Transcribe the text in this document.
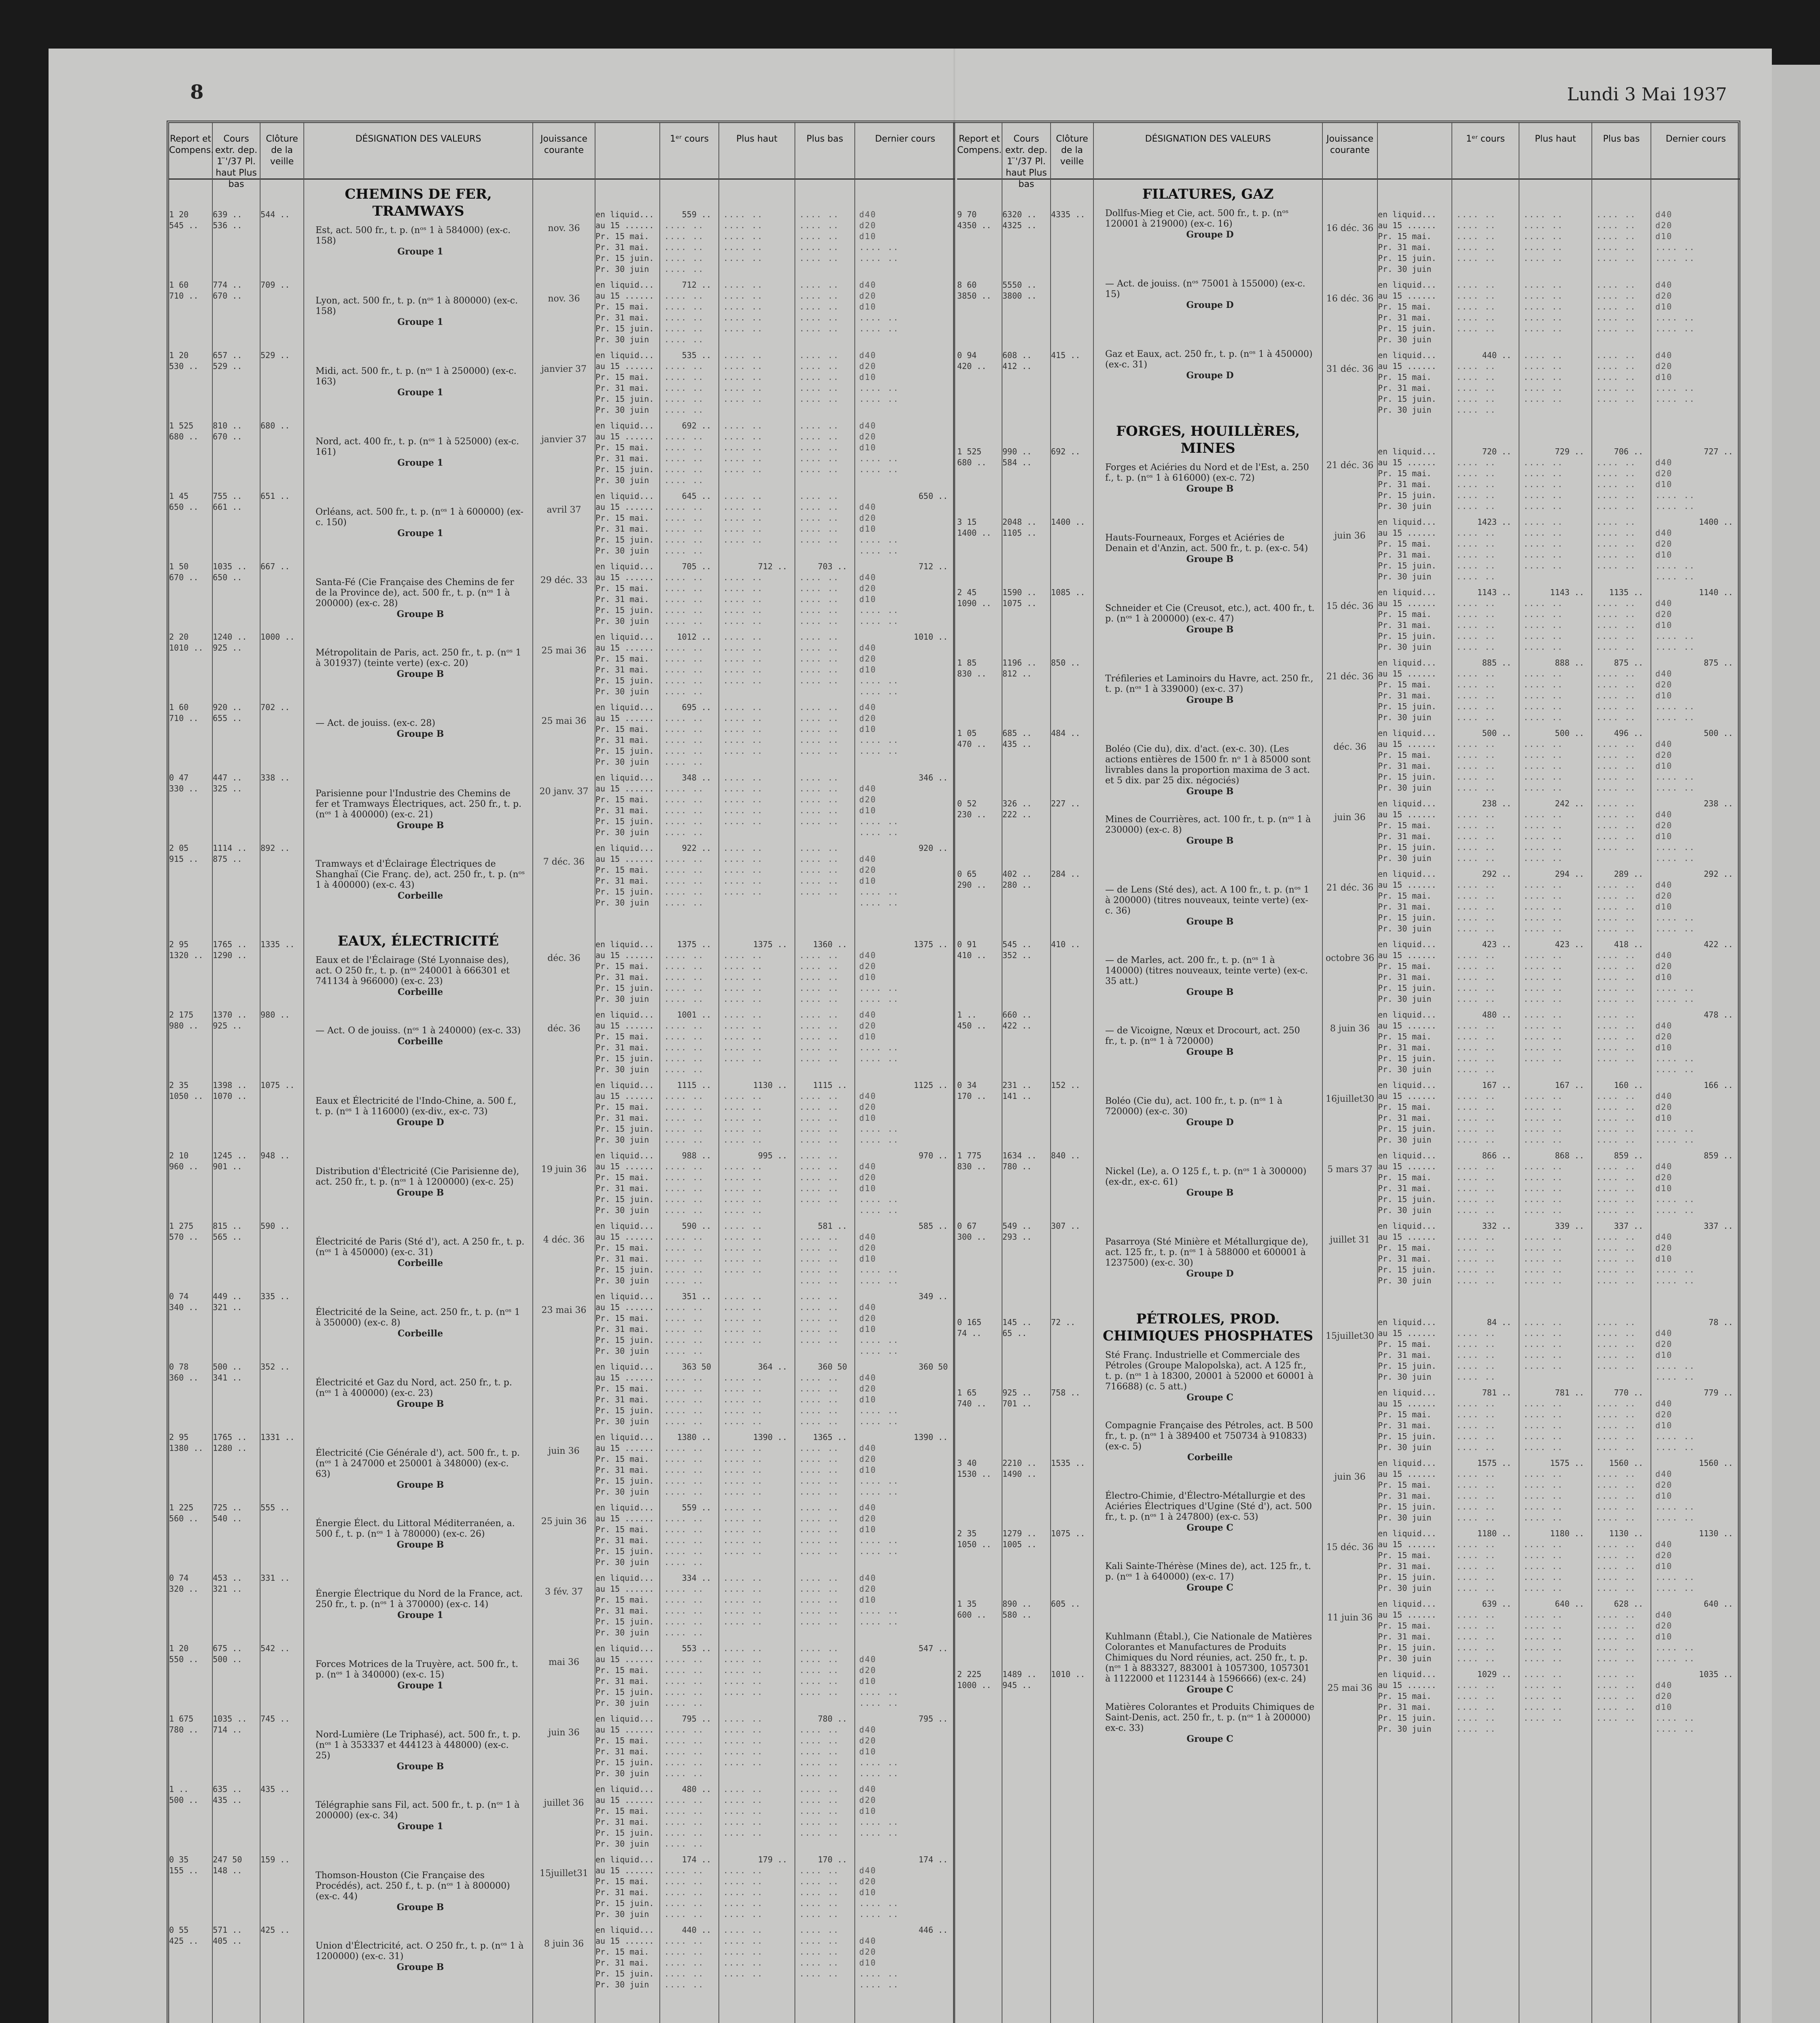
8	Lundi 3 Mai 1937
Report et Compens.
1 20
545 ..
1 60
710 ..
1 20
530 ..
1 525
680 ..
1 45
650 ..
1 50
670 ..
2 20
1010 ..
1 60
710 ..
0 47
330 ..
2 05
915 ..
2 95
1320 ..
2 175
980 ..
2 35
1050 ..
2 10
960 ..
1 275
570 ..
0 74
340 ..
0 78
360 ..
2 95
1380 ..
1 225
560 ..
0 74
320 ..
1 20
550 ..
1 675
780 ..
1 ..
500 ..
0 35
155 ..
0 55
425 ..
Cours extr. dep. 1 ̈'/37 Pl. haut Plus bas
639 ..
536 ..
774 ..
670 ..
657 ..
529 ..
810 ..
670 ..
755 ..
661 ..
1035 ..
650 ..
1240 ..
925 ..
920 ..
655 ..
447 ..
325 ..
1114 ..
875 ..
1765 ..
1290 ..
1370 ..
925 ..
1398 ..
1070 ..
1245 ..
901 ..
815 ..
565 ..
449 ..
321 ..
500 ..
341 ..
1765 ..
1280 ..
725 ..
540 ..
453 ..
321 ..
675 ..
500 ..
1035 ..
714 ..
635 ..
435 ..
247 50
148 ..
571 ..
405 ..
Clôture de la veille
544 ..
709 ..
529 ..
680 ..
651 ..
667 ..
1000 ..
702 ..
338 ..
892 ..
1335 ..
980 ..
1075 ..
948 ..
590 ..
335 ..
352 ..
1331 ..
555 ..
331 ..
542 ..
745 ..
435 ..
159 ..
425 ..
DÉSIGNATION DES VALEURS
CHEMINS DE FER, TRAMWAYS
Est, act. 500 fr., t. p. (nᵒˢ 1 à 584000) (ex-c. 158)
Groupe 1
Lyon, act. 500 fr., t. p. (nᵒˢ 1 à 800000) (ex-c. 158)
Groupe 1
Midi, act. 500 fr., t. p. (nᵒˢ 1 à 250000) (ex-c. 163)
Groupe 1
Nord, act. 400 fr., t. p. (nᵒˢ 1 à 525000) (ex-c. 161)
Groupe 1
Orléans, act. 500 fr., t. p. (nᵒˢ 1 à 600000) (ex-c. 150)
Groupe 1
Santa-Fé (Cie Française des Chemins de fer de la Province de), act. 500 fr., t. p. (nᵒˢ 1 à 200000) (ex-c. 28)
Groupe B
Métropolitain de Paris, act. 250 fr., t. p. (nᵒˢ 1 à 301937) (teinte verte) (ex-c. 20)
Groupe B
— Act. de jouiss. (ex-c. 28)
Groupe B
Parisienne pour l'Industrie des Chemins de fer et Tramways Électriques, act. 250 fr., t. p. (nᵒˢ 1 à 400000) (ex-c. 21)
Groupe B
Tramways et d'Éclairage Électriques de Shanghaï (Cie Franç. de), act. 250 fr., t. p. (nᵒˢ 1 à 400000) (ex-c. 43)
Corbeille
EAUX, ÉLECTRICITÉ
Eaux et de l'Éclairage (Sté Lyonnaise des), act. O 250 fr., t. p. (nᵒˢ 240001 à 666301 et 741134 à 966000) (ex-c. 23)
Corbeille
— Act. O de jouiss. (nᵒˢ 1 à 240000) (ex-c. 33)
Corbeille
Eaux et Électricité de l'Indo-Chine, a. 500 f., t. p. (nᵒˢ 1 à 116000) (ex-div., ex-c. 73)
Groupe D
Distribution d'Électricité (Cie Parisienne de), act. 250 fr., t. p. (nᵒˢ 1 à 1200000) (ex-c. 25)
Groupe B
Électricité de Paris (Sté d'), act. A 250 fr., t. p. (nᵒˢ 1 à 450000) (ex-c. 31)
Corbeille
Électricité de la Seine, act. 250 fr., t. p. (nᵒˢ 1 à 350000) (ex-c. 8)
Corbeille
Électricité et Gaz du Nord, act. 250 fr., t. p. (nᵒˢ 1 à 400000) (ex-c. 23)
Groupe B
Électricité (Cie Générale d'), act. 500 fr., t. p. (nᵒˢ 1 à 247000 et 250001 à 348000) (ex-c. 63)
Groupe B
Énergie Élect. du Littoral Méditerranéen, a. 500 f., t. p. (nᵒˢ 1 à 780000) (ex-c. 26)
Groupe B
Énergie Électrique du Nord de la France, act. 250 fr., t. p. (nᵒˢ 1 à 370000) (ex-c. 14)
Groupe 1
Forces Motrices de la Truyère, act. 500 fr., t. p. (nᵒˢ 1 à 340000) (ex-c. 15)
Groupe 1
Nord-Lumière (Le Triphasé), act. 500 fr., t. p. (nᵒˢ 1 à 353337 et 444123 à 448000) (ex-c. 25)
Groupe B
Télégraphie sans Fil, act. 500 fr., t. p. (nᵒˢ 1 à 200000) (ex-c. 34)
Groupe 1
Thomson-Houston (Cie Française des Procédés), act. 250 f., t. p. (nᵒˢ 1 à 800000) (ex-c. 44)
Groupe B
Union d'Électricité, act. O 250 fr., t. p. (nᵒˢ 1 à 1200000) (ex-c. 31)
Groupe B
Jouissance courante
nov. 36
nov. 36
janvier 37
janvier 37
avril 37
29 déc. 33
25 mai 36
25 mai 36
20 janv. 37
7 déc. 36
déc. 36
déc. 36
19 juin 36
4 déc. 36
23 mai 36
juin 36
25 juin 36
3 fév. 37
mai 36
juin 36
juillet 36
15juillet31
8 juin 36
en liquid...
au 15 ......
Pr. 15 mai.
Pr. 31 mai.
Pr. 15 juin.
Pr. 30 juin
en liquid...
au 15 ......
Pr. 15 mai.
Pr. 31 mai.
Pr. 15 juin.
Pr. 30 juin
en liquid...
au 15 ......
Pr. 15 mai.
Pr. 31 mai.
Pr. 15 juin.
Pr. 30 juin
en liquid...
au 15 ......
Pr. 15 mai.
Pr. 31 mai.
Pr. 15 juin.
Pr. 30 juin
en liquid...
au 15 ......
Pr. 15 mai.
Pr. 31 mai.
Pr. 15 juin.
Pr. 30 juin
en liquid...
au 15 ......
Pr. 15 mai.
Pr. 31 mai.
Pr. 15 juin.
Pr. 30 juin
en liquid...
au 15 ......
Pr. 15 mai.
Pr. 31 mai.
Pr. 15 juin.
Pr. 30 juin
en liquid...
au 15 ......
Pr. 15 mai.
Pr. 31 mai.
Pr. 15 juin.
Pr. 30 juin
en liquid...
au 15 ......
Pr. 15 mai.
Pr. 31 mai.
Pr. 15 juin.
Pr. 30 juin
en liquid...
au 15 ......
Pr. 15 mai.
Pr. 31 mai.
Pr. 15 juin.
Pr. 30 juin
en liquid...
au 15 ......
Pr. 15 mai.
Pr. 31 mai.
Pr. 15 juin.
Pr. 30 juin
en liquid...
au 15 ......
Pr. 15 mai.
Pr. 31 mai.
Pr. 15 juin.
Pr. 30 juin
en liquid...
au 15 ......
Pr. 15 mai.
Pr. 31 mai.
Pr. 15 juin.
Pr. 30 juin
en liquid...
au 15 ......
Pr. 15 mai.
Pr. 31 mai.
Pr. 15 juin.
Pr. 30 juin
en liquid...
au 15 ......
Pr. 15 mai.
Pr. 31 mai.
Pr. 15 juin.
Pr. 30 juin
en liquid...
au 15 ......
Pr. 15 mai.
Pr. 31 mai.
Pr. 15 juin.
Pr. 30 juin
en liquid...
au 15 ......
Pr. 15 mai.
Pr. 31 mai.
Pr. 15 juin.
Pr. 30 juin
en liquid...
au 15 ......
Pr. 15 mai.
Pr. 31 mai.
Pr. 15 juin.
Pr. 30 juin
en liquid...
au 15 ......
Pr. 15 mai.
Pr. 31 mai.
Pr. 15 juin.
Pr. 30 juin
en liquid...
au 15 ......
Pr. 15 mai.
Pr. 31 mai.
Pr. 15 juin.
Pr. 30 juin
en liquid...
au 15 ......
Pr. 15 mai.
Pr. 31 mai.
Pr. 15 juin.
Pr. 30 juin
en liquid...
au 15 ......
Pr. 15 mai.
Pr. 31 mai.
Pr. 15 juin.
Pr. 30 juin
en liquid...
au 15 ......
Pr. 15 mai.
Pr. 31 mai.
Pr. 15 juin.
Pr. 30 juin
en liquid...
au 15 ......
Pr. 15 mai.
Pr. 31 mai.
Pr. 15 juin.
Pr. 30 juin
en liquid...
au 15 ......
Pr. 15 mai.
Pr. 31 mai.
Pr. 15 juin.
Pr. 30 juin
1ᵉʳ cours
559 ..
.... ..
.... ..
.... ..
.... ..
.... ..
712 ..
.... ..
.... ..
.... ..
.... ..
.... ..
535 ..
.... ..
.... ..
.... ..
.... ..
.... ..
692 ..
.... ..
.... ..
.... ..
.... ..
.... ..
645 ..
.... ..
.... ..
.... ..
.... ..
.... ..
705 ..
.... ..
.... ..
.... ..
.... ..
.... ..
1012 ..
.... ..
.... ..
.... ..
.... ..
.... ..
695 ..
.... ..
.... ..
.... ..
.... ..
.... ..
348 ..
.... ..
.... ..
.... ..
.... ..
.... ..
922 ..
.... ..
.... ..
.... ..
.... ..
.... ..
1375 ..
.... ..
.... ..
.... ..
.... ..
.... ..
1001 ..
.... ..
.... ..
.... ..
.... ..
.... ..
1115 ..
.... ..
.... ..
.... ..
.... ..
.... ..
988 ..
.... ..
.... ..
.... ..
.... ..
.... ..
590 ..
.... ..
.... ..
.... ..
.... ..
.... ..
351 ..
.... ..
.... ..
.... ..
.... ..
.... ..
363 50
.... ..
.... ..
.... ..
.... ..
.... ..
1380 ..
.... ..
.... ..
.... ..
.... ..
.... ..
559 ..
.... ..
.... ..
.... ..
.... ..
.... ..
334 ..
.... ..
.... ..
.... ..
.... ..
.... ..
553 ..
.... ..
.... ..
.... ..
.... ..
.... ..
795 ..
.... ..
.... ..
.... ..
.... ..
.... ..
480 ..
.... ..
.... ..
.... ..
.... ..
.... ..
174 ..
.... ..
.... ..
.... ..
.... ..
.... ..
440 ..
.... ..
.... ..
.... ..
.... ..
.... ..
Plus haut
.... ..
.... ..
.... ..
.... ..
.... ..
.... ..
.... ..
.... ..
.... ..
.... ..
.... ..
.... ..
.... ..
.... ..
.... ..
.... ..
.... ..
.... ..
.... ..
.... ..
.... ..
.... ..
.... ..
.... ..
.... ..
712 ..
.... ..
.... ..
.... ..
.... ..
.... ..
.... ..
.... ..
.... ..
.... ..
.... ..
.... ..
.... ..
.... ..
.... ..
.... ..
.... ..
.... ..
.... ..
.... ..
.... ..
.... ..
.... ..
.... ..
.... ..
.... ..
1375 ..
.... ..
.... ..
.... ..
.... ..
.... ..
.... ..
.... ..
.... ..
.... ..
.... ..
1130 ..
.... ..
.... ..
.... ..
.... ..
.... ..
995 ..
.... ..
.... ..
.... ..
.... ..
.... ..
.... ..
.... ..
.... ..
.... ..
.... ..
.... ..
.... ..
.... ..
.... ..
.... ..
364 ..
.... ..
.... ..
.... ..
.... ..
.... ..
1390 ..
.... ..
.... ..
.... ..
.... ..
.... ..
.... ..
.... ..
.... ..
.... ..
.... ..
.... ..
.... ..
.... ..
.... ..
.... ..
.... ..
.... ..
.... ..
.... ..
.... ..
.... ..
.... ..
.... ..
.... ..
.... ..
.... ..
.... ..
.... ..
.... ..
.... ..
179 ..
.... ..
.... ..
.... ..
.... ..
.... ..
.... ..
.... ..
.... ..
.... ..
.... ..
Plus bas
.... ..
.... ..
.... ..
.... ..
.... ..
.... ..
.... ..
.... ..
.... ..
.... ..
.... ..
.... ..
.... ..
.... ..
.... ..
.... ..
.... ..
.... ..
.... ..
.... ..
.... ..
.... ..
.... ..
.... ..
.... ..
703 ..
.... ..
.... ..
.... ..
.... ..
.... ..
.... ..
.... ..
.... ..
.... ..
.... ..
.... ..
.... ..
.... ..
.... ..
.... ..
.... ..
.... ..
.... ..
.... ..
.... ..
.... ..
.... ..
.... ..
.... ..
.... ..
1360 ..
.... ..
.... ..
.... ..
.... ..
.... ..
.... ..
.... ..
.... ..
.... ..
.... ..
1115 ..
.... ..
.... ..
.... ..
.... ..
.... ..
.... ..
.... ..
.... ..
.... ..
.... ..
581 ..
.... ..
.... ..
.... ..
.... ..
.... ..
.... ..
.... ..
.... ..
.... ..
.... ..
360 50
.... ..
.... ..
.... ..
.... ..
.... ..
1365 ..
.... ..
.... ..
.... ..
.... ..
.... ..
.... ..
.... ..
.... ..
.... ..
.... ..
.... ..
.... ..
.... ..
.... ..
.... ..
.... ..
.... ..
.... ..
.... ..
.... ..
780 ..
.... ..
.... ..
.... ..
.... ..
.... ..
.... ..
.... ..
.... ..
.... ..
.... ..
170 ..
.... ..
.... ..
.... ..
.... ..
.... ..
.... ..
.... ..
.... ..
.... ..
.... ..
Dernier cours
d40
d20
d10
.... ..
.... ..
d40
d20
d10
.... ..
.... ..
d40
d20
d10
.... ..
.... ..
d40
d20
d10
.... ..
.... ..
650 ..
d40
d20
d10
.... ..
.... ..
712 ..
d40
d20
d10
.... ..
.... ..
1010 ..
d40
d20
d10
.... ..
.... ..
d40
d20
d10
.... ..
.... ..
346 ..
d40
d20
d10
.... ..
.... ..
920 ..
d40
d20
d10
.... ..
.... ..
1375 ..
d40
d20
d10
.... ..
.... ..
d40
d20
d10
.... ..
.... ..
1125 ..
d40
d20
d10
.... ..
.... ..
970 ..
d40
d20
d10
.... ..
.... ..
585 ..
d40
d20
d10
.... ..
.... ..
349 ..
d40
d20
d10
.... ..
.... ..
360 50
d40
d20
d10
.... ..
.... ..
1390 ..
d40
d20
d10
.... ..
.... ..
d40
d20
d10
.... ..
.... ..
d40
d20
d10
.... ..
.... ..
547 ..
d40
d20
d10
.... ..
.... ..
795 ..
d40
d20
d10
.... ..
.... ..
d40
d20
d10
.... ..
.... ..
174 ..
d40
d20
d10
.... ..
.... ..
446 ..
d40
d20
d10
.... ..
.... ..
Report et Compens.
9 70
4350 ..
8 60
3850 ..
0 94
420 ..
1 525
680 ..
3 15
1400 ..
2 45
1090 ..
1 85
830 ..
1 05
470 ..
0 52
230 ..
0 65
290 ..
0 91
410 ..
1 ..
450 ..
0 34
170 ..
1 775
830 ..
0 67
300 ..
0 165
74 ..
1 65
740 ..
3 40
1530 ..
2 35
1050 ..
1 35
600 ..
2 225
1000 ..
Cours extr. dep. 1 ̈'/37 Pl. haut Plus bas
6320 ..
4325 ..
5550 ..
3800 ..
608 ..
412 ..
990 ..
584 ..
2048 ..
1105 ..
1590 ..
1075 ..
1196 ..
812 ..
685 ..
435 ..
326 ..
222 ..
402 ..
280 ..
545 ..
352 ..
660 ..
422 ..
231 ..
141 ..
1634 ..
780 ..
549 ..
293 ..
145 ..
65 ..
925 ..
701 ..
2210 ..
1490 ..
1279 ..
1005 ..
890 ..
580 ..
1489 ..
945 ..
Clôture de la veille
4335 ..
415 ..
692 ..
1400 ..
1085 ..
850 ..
484 ..
227 ..
284 ..
410 ..
152 ..
840 ..
307 ..
72 ..
758 ..
1535 ..
1075 ..
605 ..
1010 ..
DÉSIGNATION DES VALEURS
FILATURES, GAZ
Dollfus-Mieg et Cie, act. 500 fr., t. p. (nᵒˢ 120001 à 219000) (ex-c. 16)
Groupe D
— Act. de jouiss. (nᵒˢ 75001 à 155000) (ex-c. 15)
Groupe D
Gaz et Eaux, act. 250 fr., t. p. (nᵒˢ 1 à 450000) (ex-c. 31)
Groupe D
FORGES, HOUILLÈRES, MINES
Forges et Aciéries du Nord et de l'Est, a. 250 f., t. p. (nᵒˢ 1 à 616000) (ex-c. 72)
Groupe B
Hauts-Fourneaux, Forges et Aciéries de Denain et d'Anzin, act. 500 fr., t. p. (ex-c. 54)
Groupe B
Schneider et Cie (Creusot, etc.), act. 400 fr., t. p. (nᵒˢ 1 à 200000) (ex-c. 47)
Groupe B
Tréfileries et Laminoirs du Havre, act. 250 fr., t. p. (nᵒˢ 1 à 339000) (ex-c. 37)
Groupe B
Boléo (Cie du), dix. d'act. (ex-c. 30). (Les actions entières de 1500 fr. nᵒ 1 à 85000 sont livrables dans la proportion maxima de 3 act. et 5 dix. par 25 dix. négociés)
Groupe B
Mines de Courrières, act. 100 fr., t. p. (nᵒˢ 1 à 230000) (ex-c. 8)
Groupe B
— de Lens (Sté des), act. A 100 fr., t. p. (nᵒˢ 1 à 200000) (titres nouveaux, teinte verte) (ex-c. 36)
Groupe B
— de Marles, act. 200 fr., t. p. (nᵒˢ 1 à 140000) (titres nouveaux, teinte verte) (ex-c. 35 att.)
Groupe B
— de Vicoigne, Nœux et Drocourt, act. 250 fr., t. p. (nᵒˢ 1 à 720000)
Groupe B
Boléo (Cie du), act. 100 fr., t. p. (nᵒˢ 1 à 720000) (ex-c. 30)
Groupe D
Nickel (Le), a. O 125 f., t. p. (nᵒˢ 1 à 300000) (ex-dr., ex-c. 61)
Groupe B
Pasarroya (Sté Minière et Métallurgique de), act. 125 fr., t. p. (nᵒˢ 1 à 588000 et 600001 à 1237500) (ex-c. 30)
Groupe D
PÉTROLES, PROD. CHIMIQUES PHOSPHATES
Sté Franç. Industrielle et Commerciale des Pétroles (Groupe Malopolska), act. A 125 fr., t. p. (nᵒˢ 1 à 18300, 20001 à 52000 et 60001 à 716688) (c. 5 att.)
Groupe C
Compagnie Française des Pétroles, act. B 500 fr., t. p. (nᵒˢ 1 à 389400 et 750734 à 910833) (ex-c. 5)
Corbeille
Électro-Chimie, d'Électro-Métallurgie et des Aciéries Électriques d'Ugine (Sté d'), act. 500 fr., t. p. (nᵒˢ 1 à 247800) (ex-c. 53)
Groupe C
Kali Sainte-Thérèse (Mines de), act. 125 fr., t. p. (nᵒˢ 1 à 640000) (ex-c. 17)
Groupe C
Kuhlmann (Établ.), Cie Nationale de Matières Colorantes et Manufactures de Produits Chimiques du Nord réunies, act. 250 fr., t. p. (nᵒˢ 1 à 883327, 883001 à 1057300, 1057301 à 1122000 et 1123144 à 1596666) (ex-c. 24)
Groupe C
Matières Colorantes et Produits Chimiques de Saint-Denis, act. 250 fr., t. p. (nᵒˢ 1 à 200000) ex-c. 33)
Groupe C
Jouissance courante
16 déc. 36
16 déc. 36
31 déc. 36
21 déc. 36
juin 36
15 déc. 36
21 déc. 36
déc. 36
juin 36
21 déc. 36
octobre 36
8 juin 36
16juillet30
5 mars 37
juillet 31
15juillet30
juin 36
15 déc. 36
11 juin 36
25 mai 36
en liquid...
au 15 ......
Pr. 15 mai.
Pr. 31 mai.
Pr. 15 juin.
Pr. 30 juin
en liquid...
au 15 ......
Pr. 15 mai.
Pr. 31 mai.
Pr. 15 juin.
Pr. 30 juin
en liquid...
au 15 ......
Pr. 15 mai.
Pr. 31 mai.
Pr. 15 juin.
Pr. 30 juin
en liquid...
au 15 ......
Pr. 15 mai.
Pr. 31 mai.
Pr. 15 juin.
Pr. 30 juin
en liquid...
au 15 ......
Pr. 15 mai.
Pr. 31 mai.
Pr. 15 juin.
Pr. 30 juin
en liquid...
au 15 ......
Pr. 15 mai.
Pr. 31 mai.
Pr. 15 juin.
Pr. 30 juin
en liquid...
au 15 ......
Pr. 15 mai.
Pr. 31 mai.
Pr. 15 juin.
Pr. 30 juin
en liquid...
au 15 ......
Pr. 15 mai.
Pr. 31 mai.
Pr. 15 juin.
Pr. 30 juin
en liquid...
au 15 ......
Pr. 15 mai.
Pr. 31 mai.
Pr. 15 juin.
Pr. 30 juin
en liquid...
au 15 ......
Pr. 15 mai.
Pr. 31 mai.
Pr. 15 juin.
Pr. 30 juin
en liquid...
au 15 ......
Pr. 15 mai.
Pr. 31 mai.
Pr. 15 juin.
Pr. 30 juin
en liquid...
au 15 ......
Pr. 15 mai.
Pr. 31 mai.
Pr. 15 juin.
Pr. 30 juin
en liquid...
au 15 ......
Pr. 15 mai.
Pr. 31 mai.
Pr. 15 juin.
Pr. 30 juin
en liquid...
au 15 ......
Pr. 15 mai.
Pr. 31 mai.
Pr. 15 juin.
Pr. 30 juin
en liquid...
au 15 ......
Pr. 15 mai.
Pr. 31 mai.
Pr. 15 juin.
Pr. 30 juin
en liquid...
au 15 ......
Pr. 15 mai.
Pr. 31 mai.
Pr. 15 juin.
Pr. 30 juin
en liquid...
au 15 ......
Pr. 15 mai.
Pr. 31 mai.
Pr. 15 juin.
Pr. 30 juin
en liquid...
au 15 ......
Pr. 15 mai.
Pr. 31 mai.
Pr. 15 juin.
Pr. 30 juin
en liquid...
au 15 ......
Pr. 15 mai.
Pr. 31 mai.
Pr. 15 juin.
Pr. 30 juin
en liquid...
au 15 ......
Pr. 15 mai.
Pr. 31 mai.
Pr. 15 juin.
Pr. 30 juin
en liquid...
au 15 ......
Pr. 15 mai.
Pr. 31 mai.
Pr. 15 juin.
Pr. 30 juin
1ᵉʳ cours
.... ..
.... ..
.... ..
.... ..
.... ..
.... ..
.... ..
.... ..
.... ..
.... ..
440 ..
.... ..
.... ..
.... ..
.... ..
.... ..
720 ..
.... ..
.... ..
.... ..
.... ..
.... ..
1423 ..
.... ..
.... ..
.... ..
.... ..
.... ..
1143 ..
.... ..
.... ..
.... ..
.... ..
.... ..
885 ..
.... ..
.... ..
.... ..
.... ..
.... ..
500 ..
.... ..
.... ..
.... ..
.... ..
.... ..
238 ..
.... ..
.... ..
.... ..
.... ..
.... ..
292 ..
.... ..
.... ..
.... ..
.... ..
.... ..
423 ..
.... ..
.... ..
.... ..
.... ..
.... ..
480 ..
.... ..
.... ..
.... ..
.... ..
.... ..
167 ..
.... ..
.... ..
.... ..
.... ..
.... ..
866 ..
.... ..
.... ..
.... ..
.... ..
.... ..
332 ..
.... ..
.... ..
.... ..
.... ..
.... ..
84 ..
.... ..
.... ..
.... ..
.... ..
.... ..
781 ..
.... ..
.... ..
.... ..
.... ..
.... ..
1575 ..
.... ..
.... ..
.... ..
.... ..
.... ..
1180 ..
.... ..
.... ..
.... ..
.... ..
.... ..
639 ..
.... ..
.... ..
.... ..
.... ..
.... ..
1029 ..
.... ..
.... ..
.... ..
.... ..
.... ..
Plus haut
.... ..
.... ..
.... ..
.... ..
.... ..
.... ..
.... ..
.... ..
.... ..
.... ..
.... ..
.... ..
.... ..
.... ..
.... ..
729 ..
.... ..
.... ..
.... ..
.... ..
.... ..
.... ..
.... ..
.... ..
.... ..
.... ..
1143 ..
.... ..
.... ..
.... ..
.... ..
.... ..
888 ..
.... ..
.... ..
.... ..
.... ..
.... ..
500 ..
.... ..
.... ..
.... ..
.... ..
.... ..
242 ..
.... ..
.... ..
.... ..
.... ..
.... ..
294 ..
.... ..
.... ..
.... ..
.... ..
.... ..
423 ..
.... ..
.... ..
.... ..
.... ..
.... ..
.... ..
.... ..
.... ..
.... ..
.... ..
167 ..
.... ..
.... ..
.... ..
.... ..
.... ..
868 ..
.... ..
.... ..
.... ..
.... ..
.... ..
339 ..
.... ..
.... ..
.... ..
.... ..
.... ..
.... ..
.... ..
.... ..
.... ..
.... ..
781 ..
.... ..
.... ..
.... ..
.... ..
.... ..
1575 ..
.... ..
.... ..
.... ..
.... ..
.... ..
1180 ..
.... ..
.... ..
.... ..
.... ..
.... ..
640 ..
.... ..
.... ..
.... ..
.... ..
.... ..
.... ..
.... ..
.... ..
.... ..
.... ..
Plus bas
.... ..
.... ..
.... ..
.... ..
.... ..
.... ..
.... ..
.... ..
.... ..
.... ..
.... ..
.... ..
.... ..
.... ..
.... ..
706 ..
.... ..
.... ..
.... ..
.... ..
.... ..
.... ..
.... ..
.... ..
.... ..
.... ..
1135 ..
.... ..
.... ..
.... ..
.... ..
.... ..
875 ..
.... ..
.... ..
.... ..
.... ..
.... ..
496 ..
.... ..
.... ..
.... ..
.... ..
.... ..
.... ..
.... ..
.... ..
.... ..
.... ..
289 ..
.... ..
.... ..
.... ..
.... ..
.... ..
418 ..
.... ..
.... ..
.... ..
.... ..
.... ..
.... ..
.... ..
.... ..
.... ..
.... ..
160 ..
.... ..
.... ..
.... ..
.... ..
.... ..
859 ..
.... ..
.... ..
.... ..
.... ..
.... ..
337 ..
.... ..
.... ..
.... ..
.... ..
.... ..
.... ..
.... ..
.... ..
.... ..
.... ..
770 ..
.... ..
.... ..
.... ..
.... ..
.... ..
1560 ..
.... ..
.... ..
.... ..
.... ..
.... ..
1130 ..
.... ..
.... ..
.... ..
.... ..
.... ..
628 ..
.... ..
.... ..
.... ..
.... ..
.... ..
.... ..
.... ..
.... ..
.... ..
.... ..
Dernier cours
d40
d20
d10
.... ..
.... ..
d40
d20
d10
.... ..
.... ..
d40
d20
d10
.... ..
.... ..
727 ..
d40
d20
d10
.... ..
.... ..
1400 ..
d40
d20
d10
.... ..
.... ..
1140 ..
d40
d20
d10
.... ..
.... ..
875 ..
d40
d20
d10
.... ..
.... ..
500 ..
d40
d20
d10
.... ..
.... ..
238 ..
d40
d20
d10
.... ..
.... ..
292 ..
d40
d20
d10
.... ..
.... ..
422 ..
d40
d20
d10
.... ..
.... ..
478 ..
d40
d20
d10
.... ..
.... ..
166 ..
d40
d20
d10
.... ..
.... ..
859 ..
d40
d20
d10
.... ..
.... ..
337 ..
d40
d20
d10
.... ..
.... ..
78 ..
d40
d20
d10
.... ..
.... ..
779 ..
d40
d20
d10
.... ..
.... ..
1560 ..
d40
d20
d10
.... ..
.... ..
1130 ..
d40
d20
d10
.... ..
.... ..
640 ..
d40
d20
d10
.... ..
.... ..
1035 ..
d40
d20
d10
.... ..
.... ..
